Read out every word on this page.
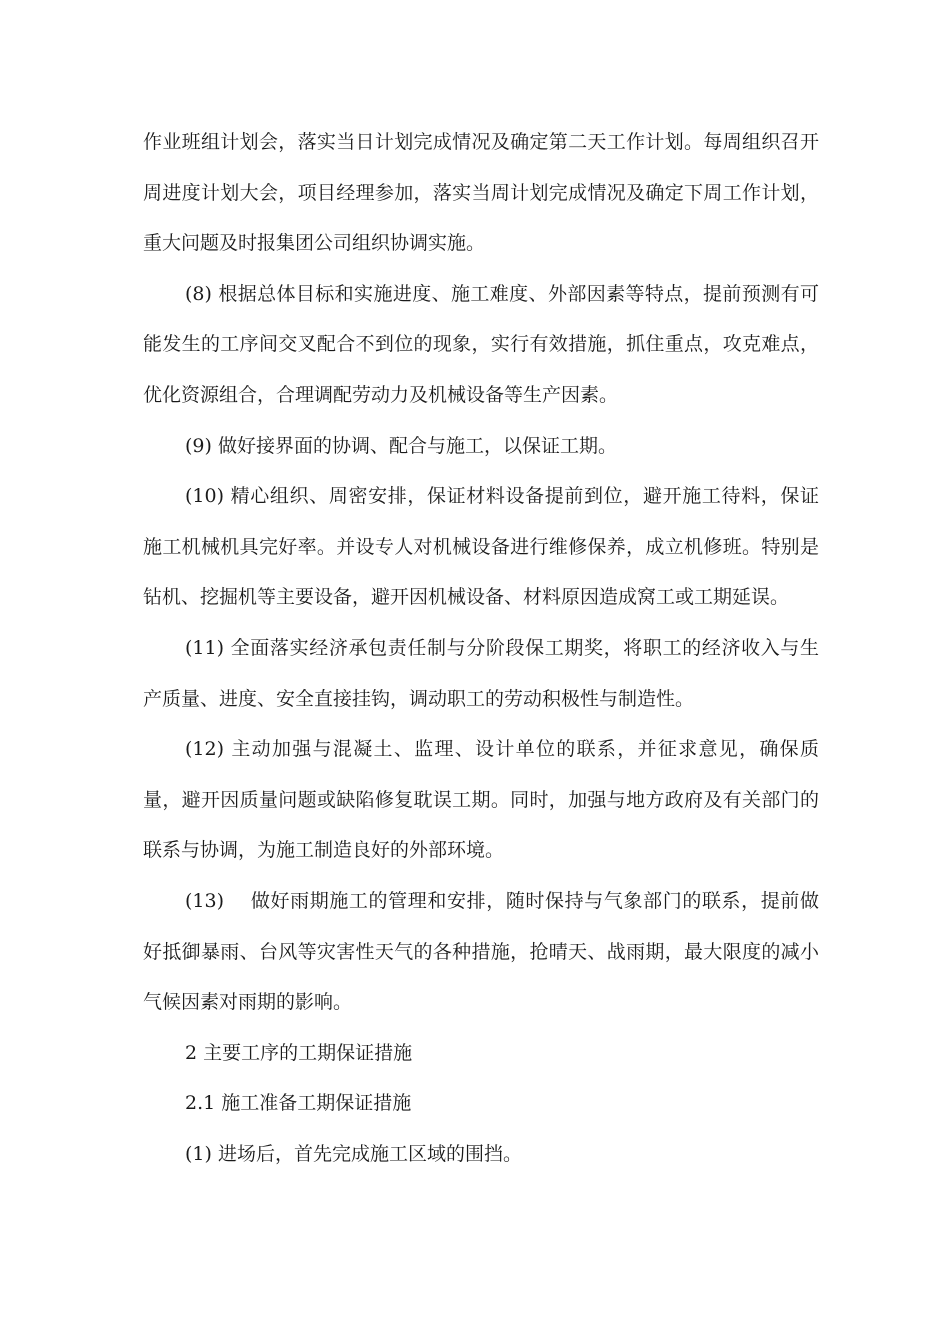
作业班组计划会，落实当日计划完成情况及确定第二天工作计划。每周组织召开周进度计划大会，项目经理参加，落实当周计划完成情况及确定下周工作计划，重大问题及时报集团公司组织协调实施。

(8) 根据总体目标和实施进度、施工难度、外部因素等特点，提前预测有可能发生的工序间交叉配合不到位的现象，实行有效措施，抓住重点，攻克难点，优化资源组合，合理调配劳动力及机械设备等生产因素。

(9) 做好接界面的协调、配合与施工，以保证工期。

(10) 精心组织、周密安排，保证材料设备提前到位，避开施工待料，保证施工机械机具完好率。并设专人对机械设备进行维修保养，成立机修班。特别是钻机、挖掘机等主要设备，避开因机械设备、材料原因造成窝工或工期延误。

(11) 全面落实经济承包责任制与分阶段保工期奖，将职工的经济收入与生产质量、进度、安全直接挂钩，调动职工的劳动积极性与制造性。

(12) 主动加强与混凝土、监理、设计单位的联系，并征求意见，确保质量，避开因质量问题或缺陷修复耽误工期。同时，加强与地方政府及有关部门的联系与协调，为施工制造良好的外部环境。

(13)　 做好雨期施工的管理和安排，随时保持与气象部门的联系，提前做好抵御暴雨、台风等灾害性天气的各种措施，抢晴天、战雨期，最大限度的减小气候因素对雨期的影响。

2 主要工序的工期保证措施

2.1 施工准备工期保证措施

(1) 进场后，首先完成施工区域的围挡。
